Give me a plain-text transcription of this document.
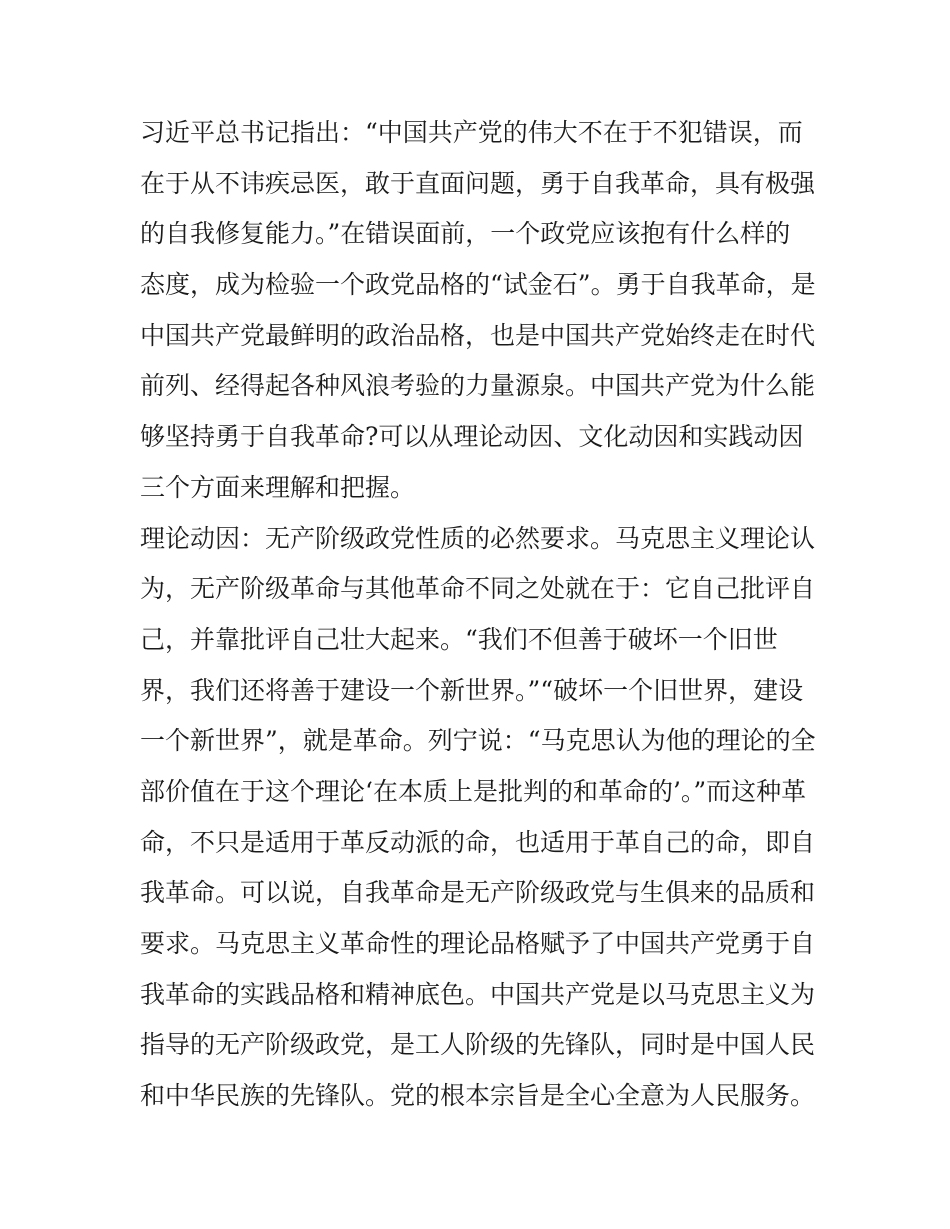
习近平总书记指出：“中国共产党的伟大不在于不犯错误，而
在于从不讳疾忌医，敢于直面问题，勇于自我革命，具有极强
的自我修复能力。”在错误面前，一个政党应该抱有什么样的
态度，成为检验一个政党品格的“试金石”。勇于自我革命，是
中国共产党最鲜明的政治品格，也是中国共产党始终走在时代
前列、经得起各种风浪考验的力量源泉。中国共产党为什么能
够坚持勇于自我革命?可以从理论动因、文化动因和实践动因
三个方面来理解和把握。
理论动因：无产阶级政党性质的必然要求。马克思主义理论认
为，无产阶级革命与其他革命不同之处就在于：它自己批评自
己，并靠批评自己壮大起来。“我们不但善于破坏一个旧世
界，我们还将善于建设一个新世界。”“破坏一个旧世界，建设
一个新世界”，就是革命。列宁说：“马克思认为他的理论的全
部价值在于这个理论‘在本质上是批判的和革命的’。”而这种革
命，不只是适用于革反动派的命，也适用于革自己的命，即自
我革命。可以说，自我革命是无产阶级政党与生俱来的品质和
要求。马克思主义革命性的理论品格赋予了中国共产党勇于自
我革命的实践品格和精神底色。中国共产党是以马克思主义为
指导的无产阶级政党，是工人阶级的先锋队，同时是中国人民
和中华民族的先锋队。党的根本宗旨是全心全意为人民服务。
